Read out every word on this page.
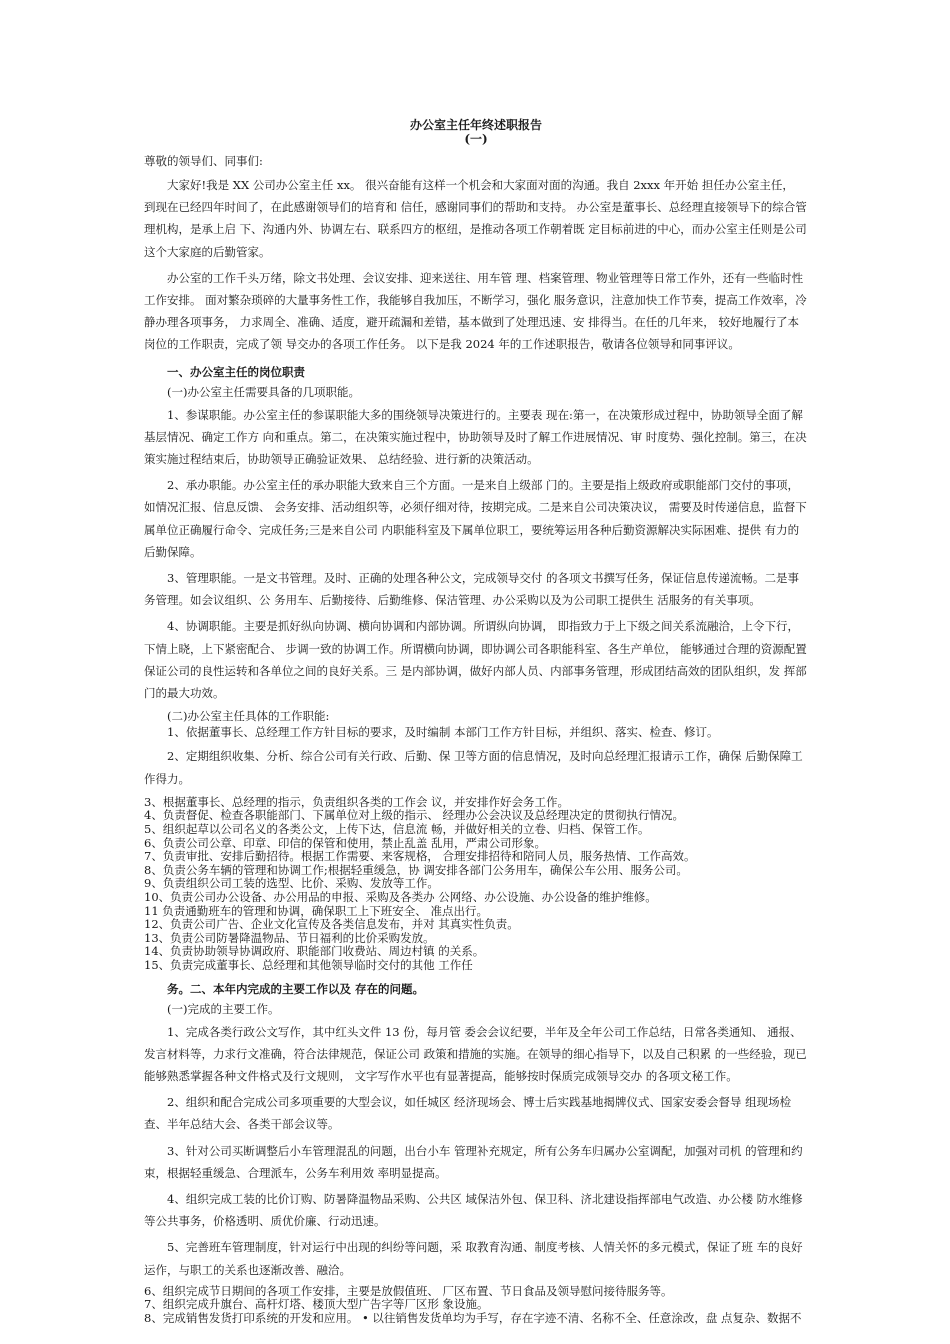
办公室主任年终述职报告
(一)

尊敬的领导们、同事们:

大家好!我是 XX 公司办公室主任 xx。 很兴奋能有这样一个机会和大家面对面的沟通。我自 2xxx 年开始 担任办公室主任， 到现在已经四年时间了，在此感谢领导们的培育和 信任，感谢同事们的帮助和支持。 办公室是董事长、总经理直接领导下的综合管理机构，是承上启 下、沟通内外、协调左右、联系四方的枢纽，是推动各项工作朝着既 定目标前进的中心，而办公室主任则是公司这个大家庭的后勤管家。

办公室的工作千头万绪，除文书处理、会议安排、迎来送往、用车管 理、档案管理、物业管理等日常工作外，还有一些临时性工作安排。 面对繁杂琐碎的大量事务性工作，我能够自我加压，不断学习，强化 服务意识，注意加快工作节奏，提高工作效率，冷静办理各项事务， 力求周全、准确、适度，避开疏漏和差错，基本做到了处理迅速、安 排得当。在任的几年来， 较好地履行了本岗位的工作职责，完成了领 导交办的各项工作任务。 以下是我 2024 年的工作述职报告，敬请各位领导和同事评议。

一、办公室主任的岗位职责

(一)办公室主任需要具备的几项职能。

1、参谋职能。办公室主任的参谋职能大多的围绕领导决策进行的。主要表 现在:第一，在决策形成过程中，协助领导全面了解基层情况、确定工作方 向和重点。第二，在决策实施过程中，协助领导及时了解工作进展情况、审 时度势、强化控制。第三，在决策实施过程结束后，协助领导正确验证效果、 总结经验、进行新的决策活动。

2、承办职能。办公室主任的承办职能大致来自三个方面。一是来自上级部 门的。主要是指上级政府或职能部门交付的事项，如情况汇报、信息反馈、 会务安排、活动组织等，必须仔细对待，按期完成。二是来自公司决策决议， 需要及时传递信息，监督下属单位正确履行命令、完成任务;三是来自公司 内职能科室及下属单位职工，要统筹运用各种后勤资源解决实际困难、提供 有力的后勤保障。

3、管理职能。一是文书管理。及时、正确的处理各种公文，完成领导交付 的各项文书撰写任务，保证信息传递流畅。二是事务管理。如会议组织、公 务用车、后勤接待、后勤维修、保洁管理、办公采购以及为公司职工提供生 活服务的有关事项。

4、协调职能。主要是抓好纵向协调、横向协调和内部协调。所谓纵向协调， 即指致力于上下级之间关系流融洽，上令下行，下情上晓，上下紧密配合、 步调一致的协调工作。所谓横向协调，即协调公司各职能科室、各生产单位， 能够通过合理的资源配置保证公司的良性运转和各单位之间的良好关系。三 是内部协调，做好内部人员、内部事务管理，形成团结高效的团队组织，发 挥部门的最大功效。

(二)办公室主任具体的工作职能:

1、依据董事长、总经理工作方针目标的要求，及时编制 本部门工作方针目标，并组织、落实、检查、修订。

2、定期组织收集、分析、综合公司有关行政、后勤、保 卫等方面的信息情况，及时向总经理汇报请示工作，确保 后勤保障工作得力。

3、根据董事长、总经理的指示，负责组织各类的工作会 议，并安排作好会务工作。

4、负责督促、检查各职能部门、下属单位对上级的指示、 经理办公会决议及总经理决定的贯彻执行情况。

5、组织起草以公司名义的各类公文，上传下达，信息流 畅，并做好相关的立卷、归档、保管工作。

6、负责公司公章、印章、印信的保管和使用，禁止乱盖 乱用，严肃公司形象。

7、负责审批、安排后勤招待。根据工作需要、来客规格， 合理安排招待和陪同人员，服务热情、工作高效。

8、负责公务车辆的管理和协调工作;根据轻重缓急，协 调安排各部门公务用车，确保公车公用、服务公司。

9、负责组织公司工装的选型、比价、采购、发放等工作。

10、负责公司办公设备、办公用品的申报、采购及各类办 公网络、办公设施、办公设备的维护维修。

11 负责通勤班车的管理和协调，确保职工上下班安全、 准点出行。

12、负责公司广告、企业文化宣传及各类信息发布，并对 其真实性负责。

13、负责公司防暑降温物品、节日福利的比价采购发放。

14、负责协助领导协调政府、职能部门收费站、周边村镇 的关系。

15、负责完成董事长、总经理和其他领导临时交付的其他 工作任

务。二、本年内完成的主要工作以及 存在的问题。

(一)完成的主要工作。

1、完成各类行政公文写作，其中红头文件 13 份，每月管 委会会议纪要，半年及全年公司工作总结，日常各类通知、 通报、发言材料等，力求行文准确，符合法律规范，保证公司 政策和措施的实施。在领导的细心指导下，以及自己积累 的一些经验，现已能够熟悉掌握各种文件格式及行文规则， 文字写作水平也有显著提高，能够按时保质完成领导交办 的各项文秘工作。

2、组织和配合完成公司多项重要的大型会议，如任城区 经济现场会、博士后实践基地揭牌仪式、国家安委会督导 组现场检查、半年总结大会、各类干部会议等。

3、针对公司买断调整后小车管理混乱的问题，出台小车 管理补充规定，所有公务车归属办公室调配，加强对司机 的管理和约束，根据轻重缓急、合理派车，公务车利用效 率明显提高。

4、组织完成工装的比价订购、防暑降温物品采购、公共区 域保洁外包、保卫科、济北建设指挥部电气改造、办公楼 防水维修等公共事务，价格透明、质优价廉、行动迅速。

5、完善班车管理制度，针对运行中出现的纠纷等问题，采 取教育沟通、制度考核、人情关怀的多元模式，保证了班 车的良好运作，与职工的关系也逐渐改善、融洽。

6、组织完成节日期间的各项工作安排，主要是放假值班、 厂区布置、节日食品及领导慰问接待服务等。

7、组织完成升旗台、高杆灯塔、楼顶大型广告字等厂区形 象设施。

8、完成销售发货打印系统的开发和应用。 • 以往销售发货单均为手写，存在字迹不清、名称不全、任意涂改，盘 点复杂、数据不
